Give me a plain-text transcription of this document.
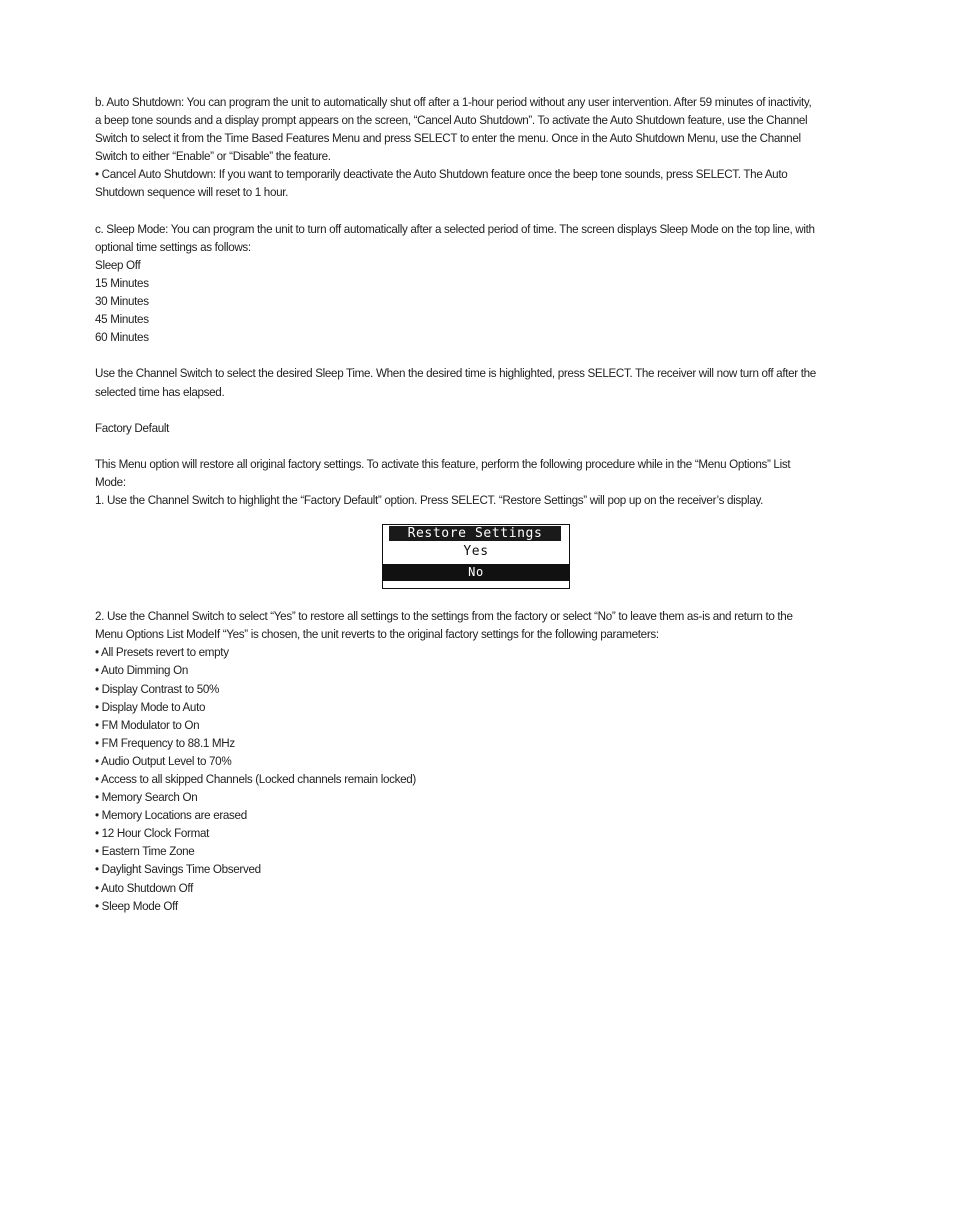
b. Auto Shutdown: You can program the unit to automatically shut off after a 1-hour period without any user intervention. After 59 minutes of inactivity, a beep tone sounds and a display prompt appears on the screen, “Cancel Auto Shutdown”. To activate the Auto Shutdown feature, use the Channel Switch to select it from the Time Based Features Menu and press SELECT to enter the menu. Once in the Auto Shutdown Menu, use the Channel Switch to either “Enable” or “Disable” the feature.

• Cancel Auto Shutdown: If you want to temporarily deactivate the Auto Shutdown feature once the beep tone sounds, press SELECT. The Auto Shutdown sequence will reset to 1 hour.

c. Sleep Mode: You can program the unit to turn off automatically after a selected period of time. The screen displays Sleep Mode on the top line, with optional time settings as follows:

Sleep Off

15 Minutes

30 Minutes

45 Minutes

60 Minutes

Use the Channel Switch to select the desired Sleep Time. When the desired time is highlighted, press SELECT. The receiver will now turn off after the selected time has elapsed.

Factory Default

This Menu option will restore all original factory settings. To activate this feature, perform the following procedure while in the “Menu Options” List Mode:

1. Use the Channel Switch to highlight the “Factory Default” option. Press SELECT. “Restore Settings” will pop up on the receiver’s display.

2. Use the Channel Switch to select “Yes” to restore all settings to the settings from the factory or select “No” to leave them as-is and return to the Menu Options List ModeIf “Yes” is chosen, the unit reverts to the original factory settings for the following parameters:

• All Presets revert to empty

• Auto Dimming On

• Display Contrast to 50%

• Display Mode to Auto

• FM Modulator to On

• FM Frequency to 88.1 MHz

• Audio Output Level to 70%

• Access to all skipped Channels (Locked channels remain locked)

• Memory Search On

• Memory Locations are erased

• 12 Hour Clock Format

• Eastern Time Zone

• Daylight Savings Time Observed

• Auto Shutdown Off

• Sleep Mode Off

Restore Settings
Yes
No
